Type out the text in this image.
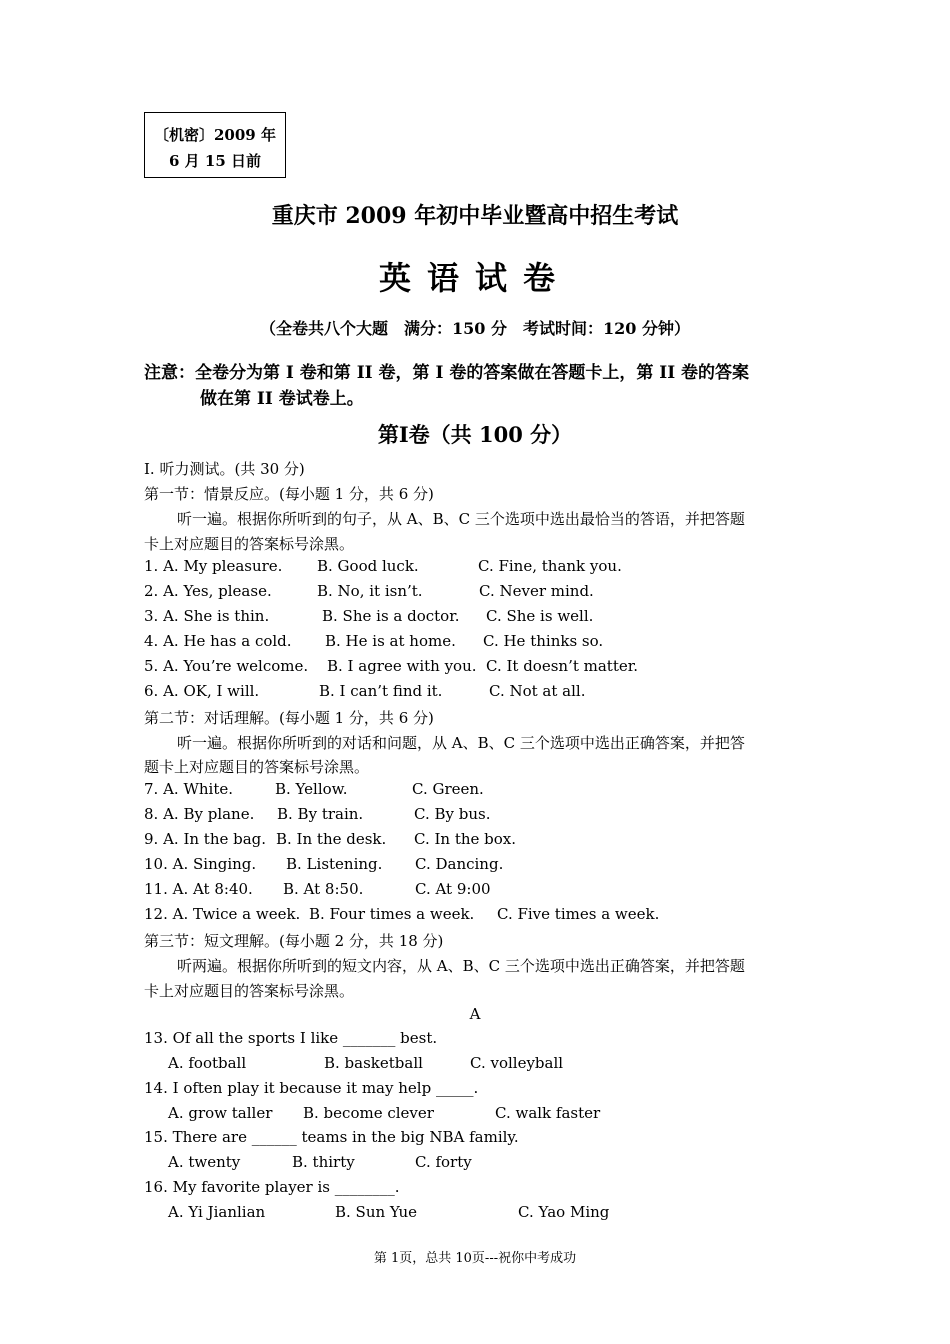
〔机密〕2009 年
6 月 15 日前
重庆市 2009 年初中毕业暨高中招生考试
英语试卷
（全卷共八个大题　满分：150 分　考试时间：120 分钟）
注意：全卷分为第 I 卷和第 II 卷，第 I 卷的答案做在答题卡上，第 II 卷的答案
做在第 II 卷试卷上。
第I卷（共 100 分）
I. 听力测试。(共 30 分)
第一节：情景反应。(每小题 1 分，共 6 分)
听一遍。根据你所听到的句子，从 A、B、C 三个选项中选出最恰当的答语，并把答题
卡上对应题目的答案标号涂黑。
1. A. My pleasure. B. Good luck.	C. Fine, thank you.
2. A. Yes, please.	B. No, it isn’t.	C. Never mind.
3. A. She is thin.	B. She is a doctor. C. She is well.
4. A. He has a cold. B. He is at home. C. He thinks so.
5. A. You’re welcome. B. I agree with you. C. It doesn’t matter.
6. A. OK, I will.	B. I can’t find it.	C. Not at all.
第二节：对话理解。(每小题 1 分，共 6 分)
听一遍。根据你所听到的对话和问题，从 A、B、C 三个选项中选出正确答案，并把答
题卡上对应题目的答案标号涂黑。
7. A. White.	B. Yellow.	C. Green.
8. A. By plane. B. By train.	C. By bus.
9. A. In the bag. B. In the desk. C. In the box.
10. A. Singing. B. Listening. C. Dancing.
11. A. At 8:40. B. At 8:50.	C. At 9:00
12. A. Twice a week. B. Four times a week. C. Five times a week.
第三节：短文理解。(每小题 2 分，共 18 分)
听两遍。根据你所听到的短文内容，从 A、B、C 三个选项中选出正确答案，并把答题
卡上对应题目的答案标号涂黑。
A
13. Of all the sports I like _______ best.
A. football	B. basketball	C. volleyball
14. I often play it because it may help _____.
A. grow taller B. become clever	C. walk faster
15. There are ______ teams in the big NBA family.
A. twenty	B. thirty	C. forty
16. My favorite player is ________.
A. Yi Jianlian	B. Sun Yue	C. Yao Ming
第 1页，总共 10页---祝你中考成功
